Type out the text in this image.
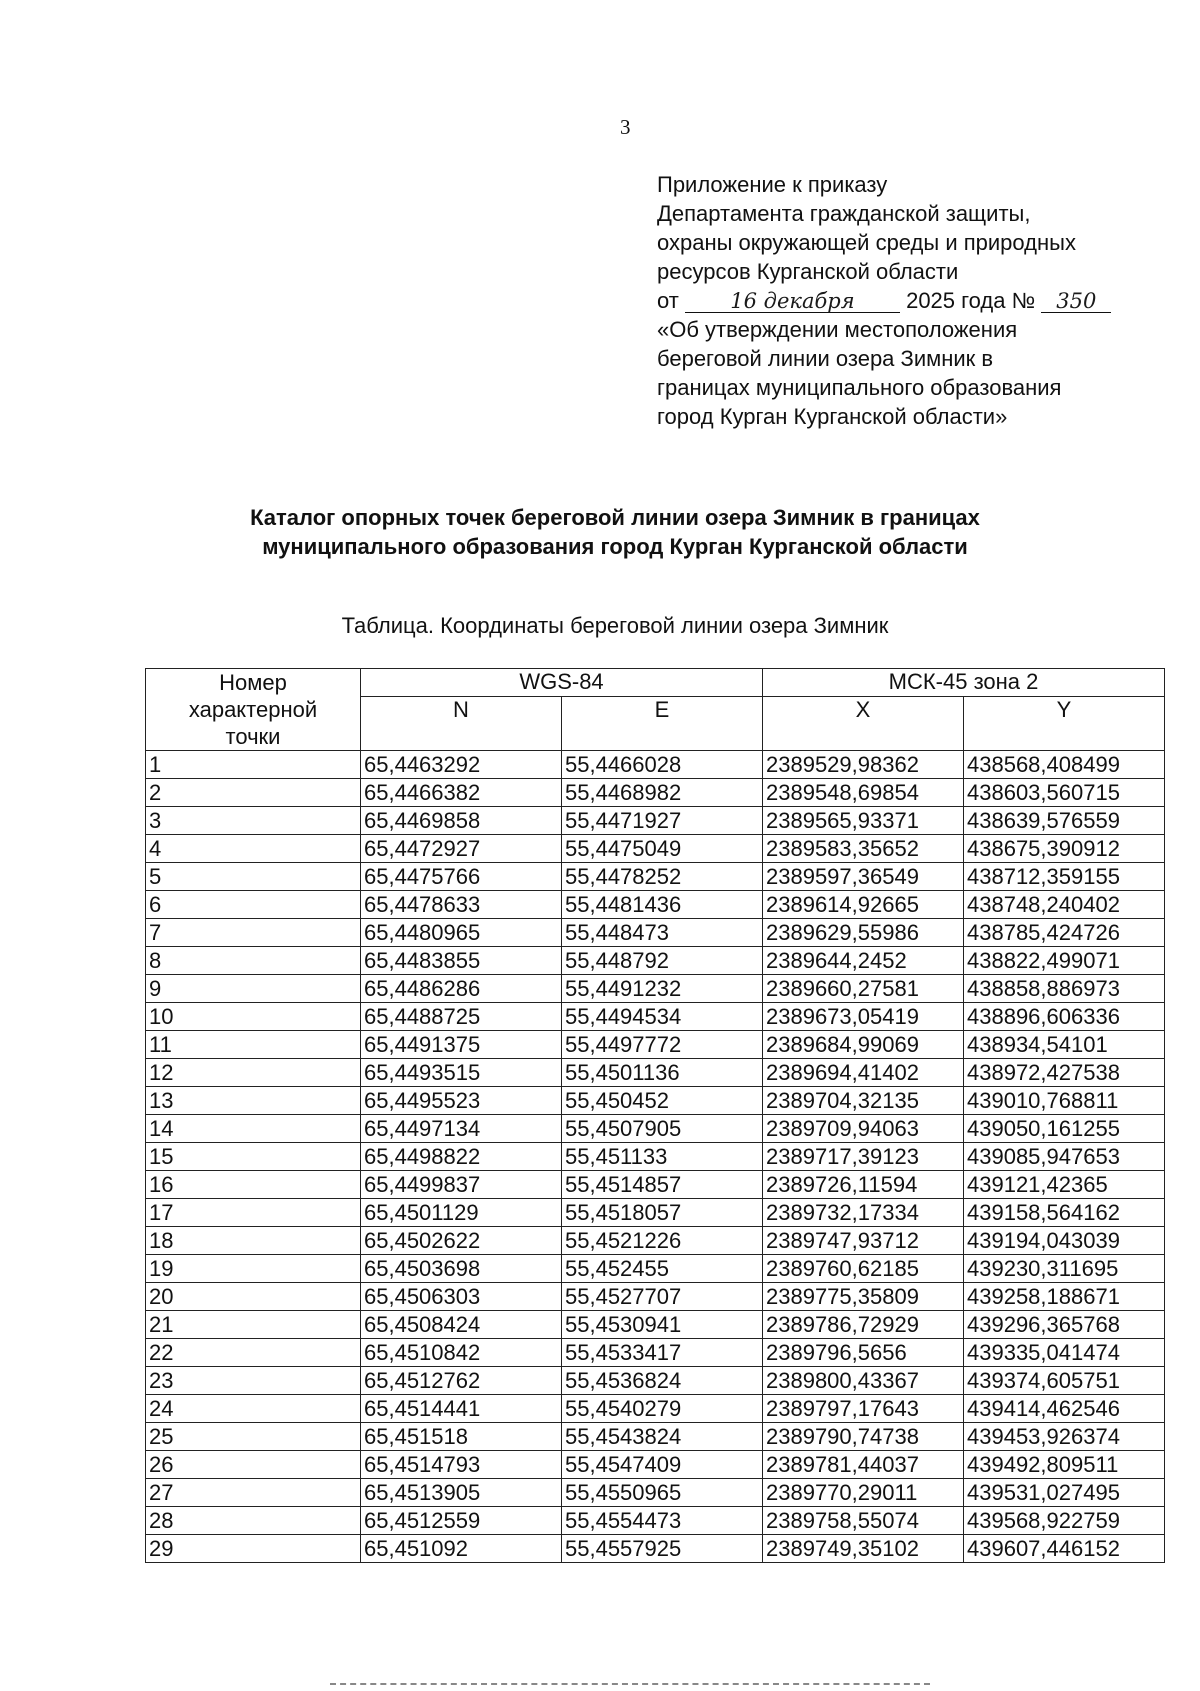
3
Приложение к приказу
Департамента гражданской защиты,
охраны окружающей среды и природных
ресурсов Курганской области
от 16 декабря 2025 года № 350
«Об утверждении местоположения
береговой линии озера Зимник в
границах муниципального образования
город Курган Курганской области»
Каталог опорных точек береговой линии озера Зимник в границах
муниципального образования город Курган Курганской области
Таблица. Координаты береговой линии озера Зимник
Номер характерной точки	WGS-84		МСК-45 зона 2	
	N	E	X	Y
1	65,4463292	55,4466028	2389529,98362	438568,408499
2	65,4466382	55,4468982	2389548,69854	438603,560715
3	65,4469858	55,4471927	2389565,93371	438639,576559
4	65,4472927	55,4475049	2389583,35652	438675,390912
5	65,4475766	55,4478252	2389597,36549	438712,359155
6	65,4478633	55,4481436	2389614,92665	438748,240402
7	65,4480965	55,448473	2389629,55986	438785,424726
8	65,4483855	55,448792	2389644,2452	438822,499071
9	65,4486286	55,4491232	2389660,27581	438858,886973
10	65,4488725	55,4494534	2389673,05419	438896,606336
11	65,4491375	55,4497772	2389684,99069	438934,54101
12	65,4493515	55,4501136	2389694,41402	438972,427538
13	65,4495523	55,450452	2389704,32135	439010,768811
14	65,4497134	55,4507905	2389709,94063	439050,161255
15	65,4498822	55,451133	2389717,39123	439085,947653
16	65,4499837	55,4514857	2389726,11594	439121,42365
17	65,4501129	55,4518057	2389732,17334	439158,564162
18	65,4502622	55,4521226	2389747,93712	439194,043039
19	65,4503698	55,452455	2389760,62185	439230,311695
20	65,4506303	55,4527707	2389775,35809	439258,188671
21	65,4508424	55,4530941	2389786,72929	439296,365768
22	65,4510842	55,4533417	2389796,5656	439335,041474
23	65,4512762	55,4536824	2389800,43367	439374,605751
24	65,4514441	55,4540279	2389797,17643	439414,462546
25	65,451518	55,4543824	2389790,74738	439453,926374
26	65,4514793	55,4547409	2389781,44037	439492,809511
27	65,4513905	55,4550965	2389770,29011	439531,027495
28	65,4512559	55,4554473	2389758,55074	439568,922759
29	65,451092	55,4557925	2389749,35102	439607,446152
